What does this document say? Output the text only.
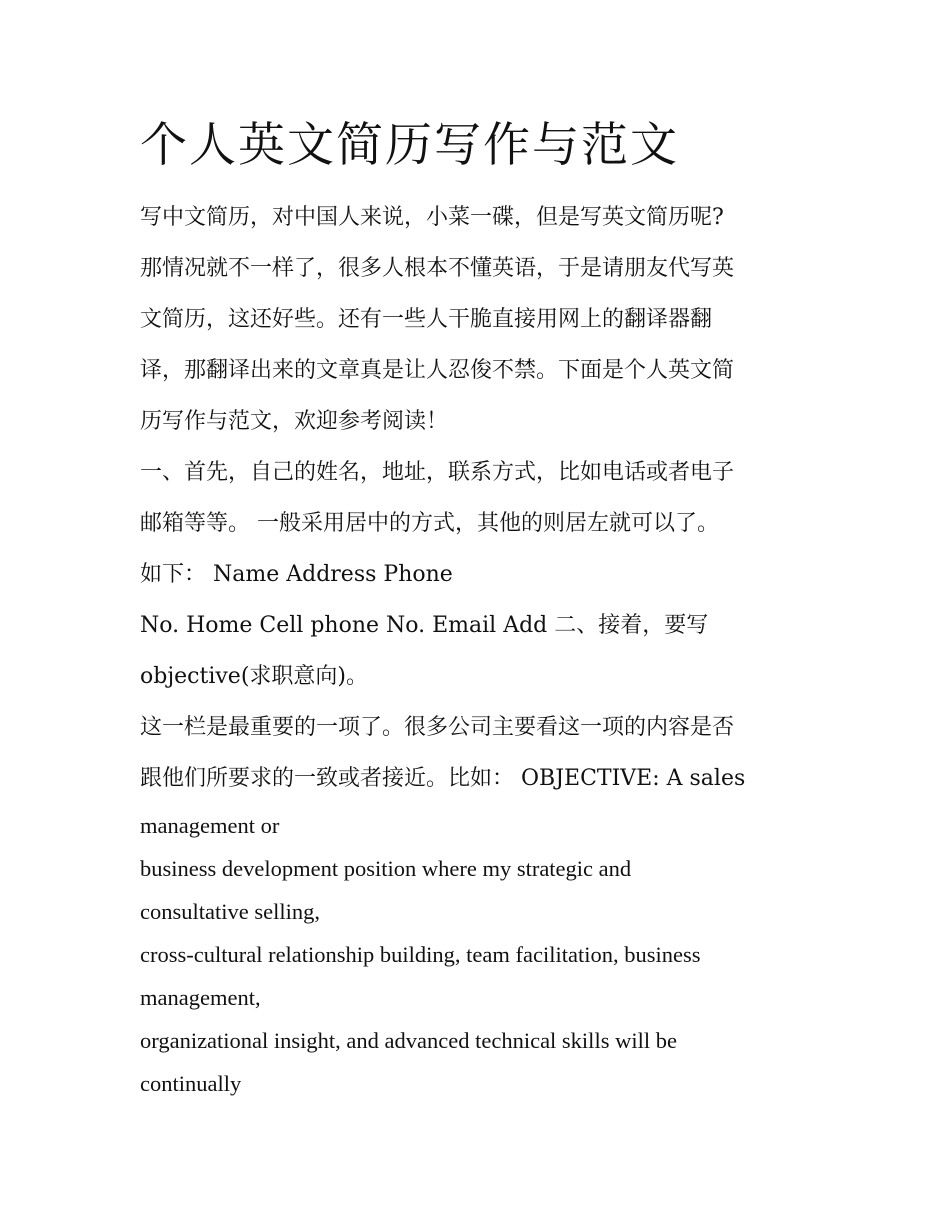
个人英文简历写作与范文

写中文简历，对中国人来说，小菜一碟，但是写英文简历呢?
那情况就不一样了，很多人根本不懂英语，于是请朋友代写英
文简历，这还好些。还有一些人干脆直接用网上的翻译器翻
译，那翻译出来的文章真是让人忍俊不禁。下面是个人英文简
历写作与范文，欢迎参考阅读！

一、首先，自己的姓名，地址，联系方式，比如电话或者电子
邮箱等等。 一般采用居中的方式，其他的则居左就可以了。
如下： Name Address Phone
No. Home Cell phone No. Email Add 二、接着，要写
objective(求职意向)。

这一栏是最重要的一项了。很多公司主要看这一项的内容是否
跟他们所要求的一致或者接近。比如： OBJECTIVE: A sales

management or
business development position where my strategic and
consultative selling,
cross-cultural relationship building, team facilitation, business
management,
organizational insight, and advanced technical skills will be
continually
